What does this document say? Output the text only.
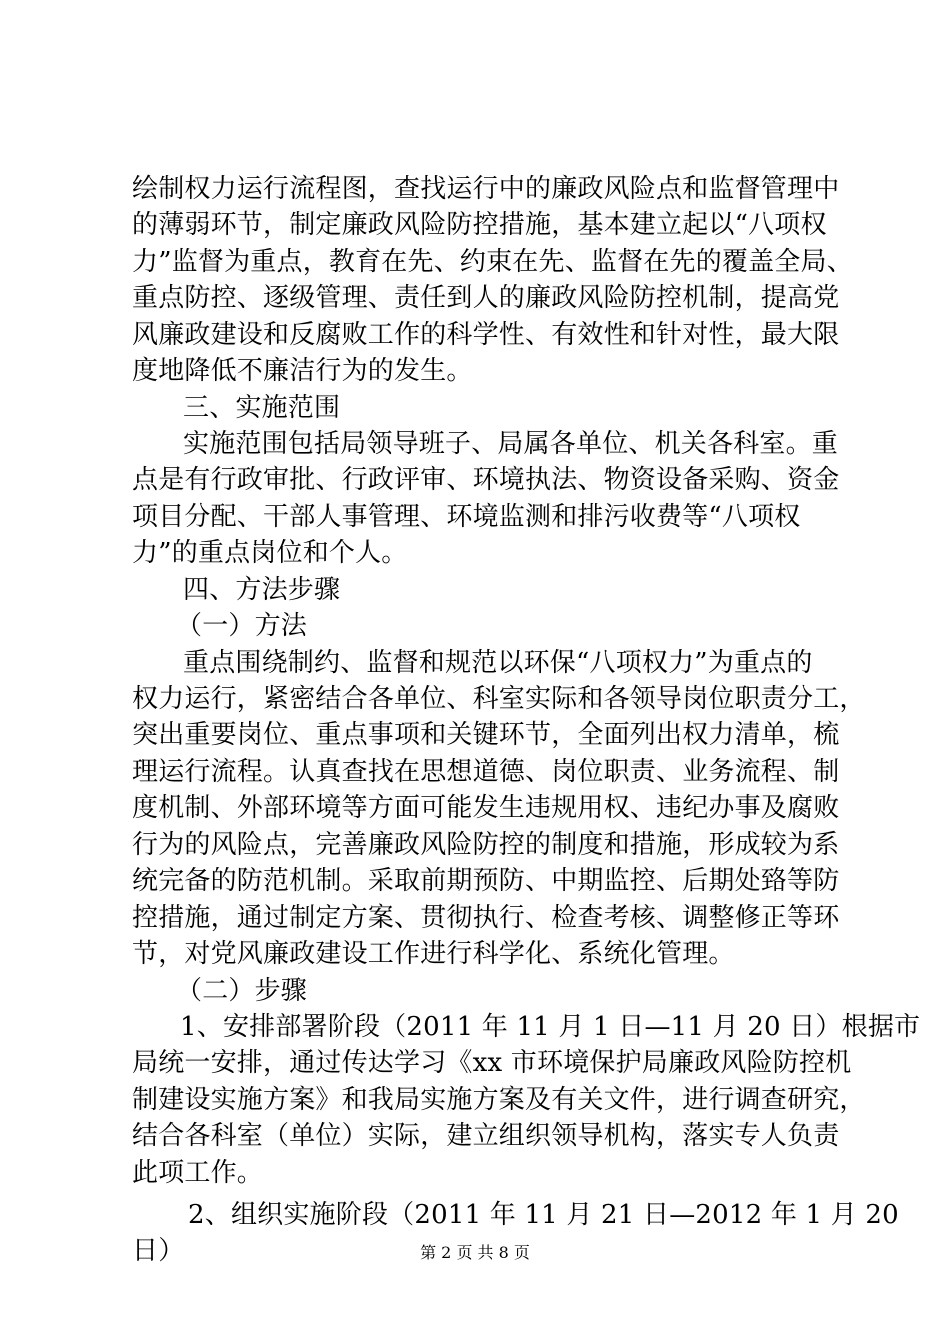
绘制权力运行流程图，查找运行中的廉政风险点和监督管理中
的薄弱环节，制定廉政风险防控措施，基本建立起以“八项权
力”监督为重点，教育在先、约束在先、监督在先的覆盖全局、
重点防控、逐级管理、责任到人的廉政风险防控机制，提高党
风廉政建设和反腐败工作的科学性、有效性和针对性，最大限
度地降低不廉洁行为的发生。
三、实施范围
实施范围包括局领导班子、局属各单位、机关各科室。重
点是有行政审批、行政评审、环境执法、物资设备采购、资金
项目分配、干部人事管理、环境监测和排污收费等“八项权
力”的重点岗位和个人。
四、方法步骤
（一）方法
重点围绕制约、监督和规范以环保“八项权力”为重点的
权力运行，紧密结合各单位、科室实际和各领导岗位职责分工，
突出重要岗位、重点事项和关键环节，全面列出权力清单，梳
理运行流程。认真查找在思想道德、岗位职责、业务流程、制
度机制、外部环境等方面可能发生违规用权、违纪办事及腐败
行为的风险点，完善廉政风险防控的制度和措施，形成较为系
统完备的防范机制。采取前期预防、中期监控、后期处臵等防
控措施，通过制定方案、贯彻执行、检查考核、调整修正等环
节，对党风廉政建设工作进行科学化、系统化管理。
（二）步骤
1、安排部署阶段（2011 年 11 月 1 日—11 月 20 日）根据市
局统一安排，通过传达学习《xx 市环境保护局廉政风险防控机
制建设实施方案》和我局实施方案及有关文件，进行调查研究，
结合各科室（单位）实际，建立组织领导机构，落实专人负责
此项工作。
2、组织实施阶段（2011 年 11 月 21 日—2012 年 1 月 20
日）	第 2 页 共 8 页
